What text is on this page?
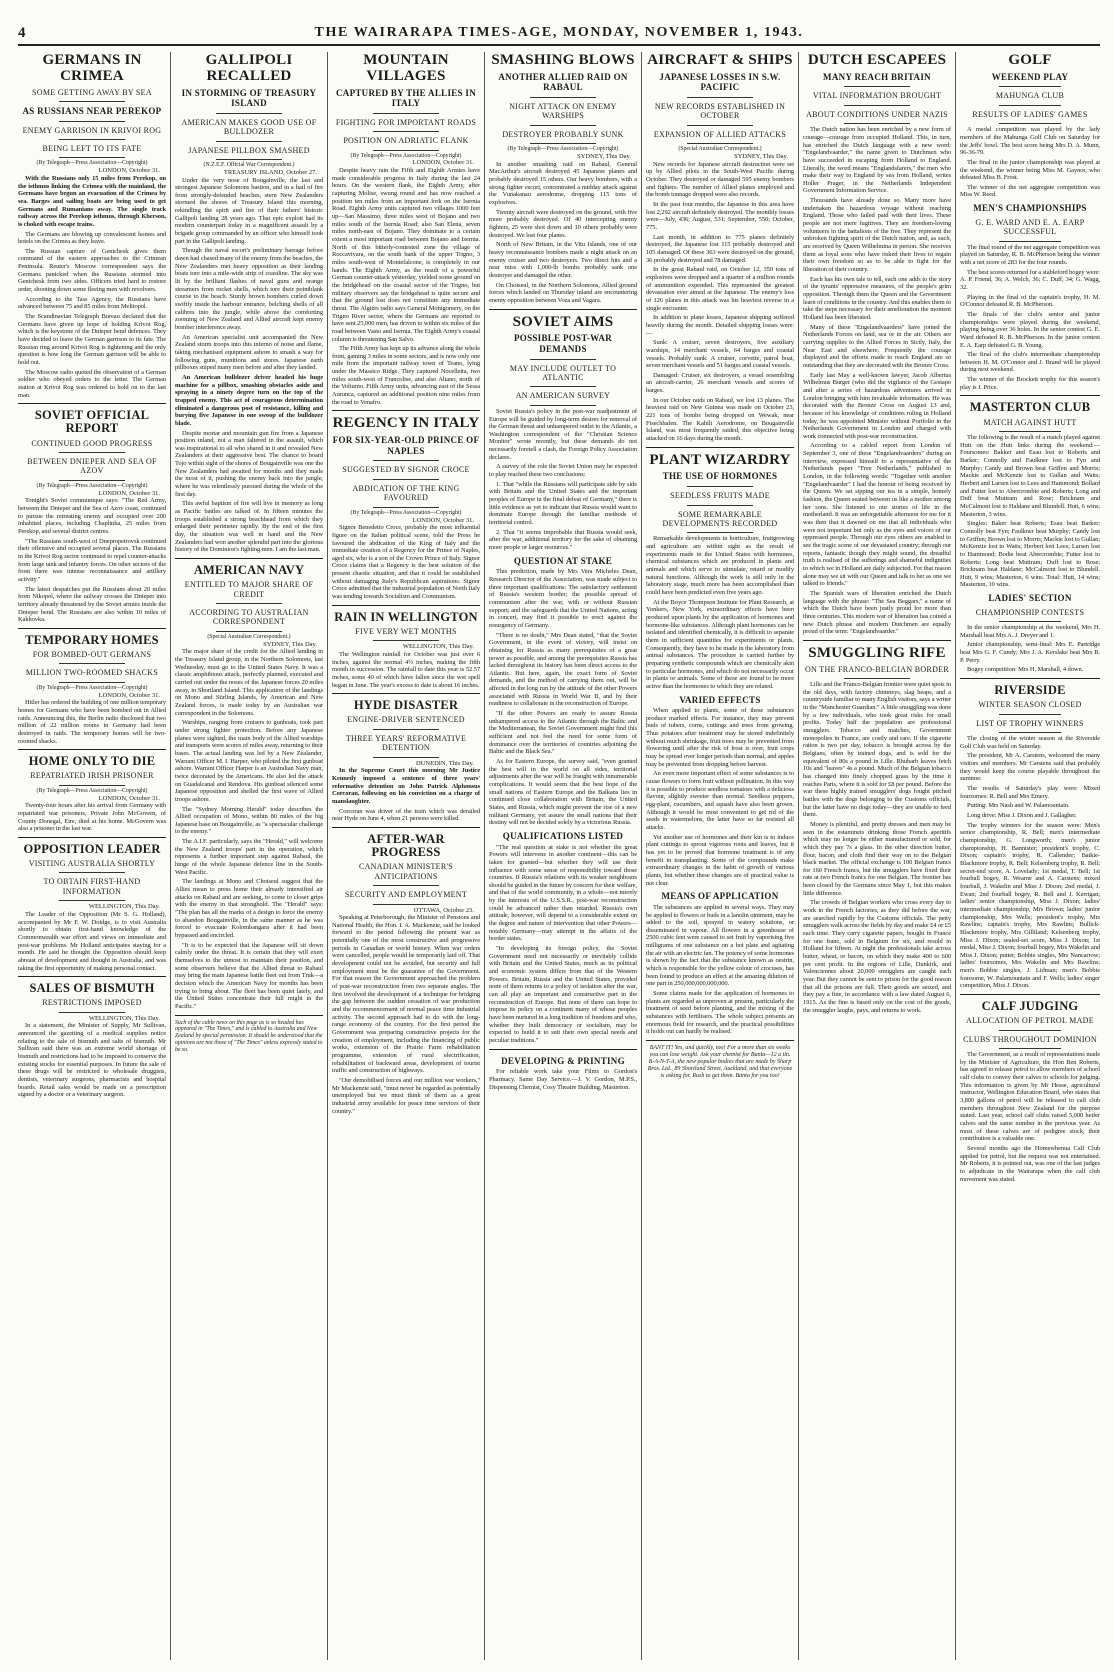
4	THE WAIRARAPA TIMES-AGE, MONDAY, NOVEMBER 1, 1943.
GERMANS IN CRIMEA
SOME GETTING AWAY BY SEA
AS RUSSIANS NEAR PEREKOP
ENEMY GARRISON IN KRIVOI ROG
BEING LEFT TO ITS FATE
(By Telegraph—Press Association—Copyright)
LONDON, October 31.

With the Russians only 15 miles from Perekop, on the isthmus linking the Crimea with the mainland, the Germans have begun an evacuation of the Crimea by sea. Barges and sailing boats are being used to get Germans and Rumanians away. The single track railway across the Perekop isthmus, through Kherson, is choked with escape trains.

The Germans are blowing up convalescent homes and hotels on the Crimea as they leave.

The Russian capture of Genichesk gives them command of the eastern approaches to the Crimean Peninsula. Reuter's Moscow correspondent says the Germans panicked when the Russians stormed into Genichesk from two sides. Officers tried hard to restore order, shooting down some fleeing men with revolvers.

According to the Tass Agency, the Russians have advanced between 75 and 85 miles from Melitopol.

The Scandinavian Telegraph Bureau declared that the Germans have given up hope of holding Krivoi Rog, which is the keystone of the Dnieper bend defences. They have decided to leave the German garrison to its fate. The Russian ring around Krivoi Rog is tightening and the only question is how long the German garrison will be able to hold out.

The Moscow radio quoted the observation of a German soldier who obeyed orders to the letter. The German station at Krivoi Rog was ordered to hold on to the last man.

SOVIET OFFICIAL REPORT
CONTINUED GOOD PROGRESS
BETWEEN DNIEPER AND SEA OF AZOV
(By Telegraph—Press Association—Copyright)
LONDON, October 31.

Tonight's Soviet communique says: "The Red Army, between the Dnieper and the Sea of Azov coast, continued to pursue the retreating enemy and occupied over 200 inhabited places, including Chaplinka, 25 miles from Perekop, and several district centres.

"The Russians south-west of Dnepropetrovsk continued their offensive and occupied several places. The Russians in the Krivoi Rog sector continued to repel counter-attacks from large tank and infantry forces. On other sectors of the front there was intense reconnaissance and artillery activity."

The latest despatches put the Russians about 20 miles from Nikopol, where the railway crosses the Dnieper into territory already threatened by the Soviet armies inside the Dnieper bend. The Russians are also within 10 miles of Kakhovka.

TEMPORARY HOMES
FOR BOMBED-OUT GERMANS
MILLION TWO-ROOMED SHACKS
(By Telegraph—Press Association—Copyright)
LONDON, October 31.

Hitler has ordered the building of one million temporary homes for Germans who have been bombed out in Allied raids. Announcing this, the Berlin radio disclosed that two million of 22 million rooms in Germany had been destroyed in raids. The temporary homes will be two-roomed shacks.

HOME ONLY TO DIE
REPATRIATED IRISH PRISONER
(By Telegraph—Press Association—Copyright)
LONDON, October 31.

Twenty-four hours after his arrival from Germany with repatriated war prisoners, Private John McGovern, of County Donegal, Eire, died at his home. McGovern was also a prisoner in the last war.

OPPOSITION LEADER
VISITING AUSTRALIA SHORTLY
TO OBTAIN FIRST-HAND INFORMATION
WELLINGTON, This Day.

The Leader of the Opposition (Mr S. G. Holland), accompanied by Mr F. W. Doidge, is to visit Australia shortly to obtain first-hand knowledge of the Commonwealth war effort and views on immediate and post-war problems. Mr Holland anticipates staying for a month. He said he thought the Opposition should keep abreast of development and thought in Australia, and was taking the first opportunity of making personal contact.

SALES OF BISMUTH
RESTRICTIONS IMPOSED
WELLINGTON, This Day.

In a statement, the Minister of Supply, Mr Sullivan, announced the gazetting of a medical supplies notice relating to the sale of bismuth and salts of bismuth. Mr Sullivan said there was an extreme world shortage of bismuth and restrictions had to be imposed to conserve the existing stocks for essential purposes. In future the sale of these drugs will be restricted to wholesale druggists, dentists, veterinary surgeons, pharmacists and hospital boards. Retail sales would be made on a prescription signed by a doctor or a veterinary surgeon.

GALLIPOLI RECALLED
IN STORMING OF TREASURY ISLAND
AMERICAN MAKES GOOD USE OF BULLDOZER
JAPANESE PILLBOX SMASHED
(N.Z.E.F. Official War Correspondent.)
TREASURY ISLAND, October 27.

Under the very nose of Bougainville, the last and strongest Japanese Solomons bastion, and in a hail of fire from strongly-defended beaches, stern New Zealanders stormed the shores of Treasury Island this morning, rekindling the spirit and fire of their fathers' historic Gallipoli landing 28 years ago. That epic exploit had its modern counterpart today in a magnificent assault by a brigade group commanded by an officer who himself took part in the Gallipoli landing.

Though the naval escort's preliminary barrage before dawn had chased many of the enemy from the beaches, the New Zealanders met heavy opposition as their landing boats tore into a mile-wide strip of coastline. The sky was lit by the brilliant flashes of naval guns and orange streamers from rocket shells, which tore their pointblank course to the beach. Sturdy brown bombers curled down swiftly inside the harbour entrance, belching shells of all calibres into the jungle, while above the comforting zooming of New Zealand and Allied aircraft kept enemy bomber interference away.

An American specialist unit accompanied the New Zealand storm troops into this inferno of noise and flame, taking mechanised equipment ashore to smash a way for following guns, munitions and stores. Japanese earth pillboxes sniped many men before and after they landed.

An American bulldozer driver headed his huge machine for a pillbox, smashing obstacles aside and spraying in a ninety degree turn on the top of the trapped enemy. This act of courageous determination eliminated a dangerous post of resistance, killing and burying five Japanese in one swoop of the bulldozer blade.

Despite mortar and mountain gun fire from a Japanese position inland, not a man faltered in the assault, which was inspirational to all who shared in it and revealed New Zealanders at their aggressive best. The chance to board Tojo within sight of the shores of Bougainville was one the New Zealanders had awaited for months and they made the most of it, pushing the enemy back into the jungle, where he was relentlessly pursued during the whole of the first day.

This awful baptism of fire will live in memory as long as Pacific battles are talked of. In fifteen minutes the troops established a strong beachhead from which they enlarged their perimeter rapidly. By the end of the first day, the situation was well in hand and the New Zealanders had won another splendid part into the glorious history of the Dominion's fighting men. I am the last man.

AMERICAN NAVY
ENTITLED TO MAJOR SHARE OF CREDIT
ACCORDING TO AUSTRALIAN CORRESPONDENT
(Special Australian Correspondent.)
SYDNEY, This Day.

The major share of the credit for the Allied landing in the Treasury Island group, in the Northern Solomons, last Wednesday, must go to the United States Navy. It was a classic amphibious attack, perfectly planned, executed and carried out under the noses of the Japanese forces 20 miles away, in Shortland Island. This application of the landings on Mono and Stirling Islands, by American and New Zealand forces, is made today by an Australian war correspondent in the Solomons.

Warships, ranging from cruisers to gunboats, took part under strong fighter protection. Before any Japanese planes were sighted, the main body of the Allied warships and transports were scores of miles away, returning to their bases. The actual landing was led by a New Zealander, Warrant Officer M. I. Harper, who piloted the first gunboat ashore. Warrant Officer Harper is an Australian Navy man, twice decorated by the Americans. He also led the attack on Guadalcanal and Rendova. His gunboat silenced some Japanese opposition and shelled the first wave of Allied troops ashore.

The "Sydney Morning Herald" today describes the Allied occupation of Mono, within 80 miles of the big Japanese base on Bougainville, as "a spectacular challenge to the enemy."

The A.I.F. particularly, says the "Herald," will welcome the New Zealand troops' part in the operation, which represents a further important step against Rabaul, the hinge of the whole Japanese defence line in the South-West Pacific.

The landings at Mono and Choiseul suggest that the Allies mean to press home their already intensified air attacks on Rabaul and are seeking, to come to closer grips with the enemy in that stronghold. The "Herald" says: "The plan has all the marks of a design to force the enemy to abandon Bougainville, in the same manner as he was forced to evacuate Kolombangara after it had been bypassed and encircled.

"It is to be expected that the Japanese will sit down calmly under the threat. It is certain that they will exert themselves to the utmost to maintain their position, and some observers believe that the Allied threat to Rabaul may bring the main Japanese battle fleet out from Truk—a decision which the American Navy for months has been trying to bring about. The fleet has been quiet lately, and the United States concentrate their full might in the Pacific."

Such of the cable news on this page as is so headed has appeared in "The Times," and is cabled to Australia and New Zealand by special permission. It should be understood that the opinions are not those of "The Times" unless expressly stated to be so.

MOUNTAIN VILLAGES
CAPTURED BY THE ALLIES IN ITALY
FIGHTING FOR IMPORTANT ROADS
POSITION ON ADRIATIC FLANK
(By Telegraph—Press Association—Copyright)
LONDON, October 31.

Despite heavy rain the Fifth and Eighth Armies have made considerable progress in Italy during the last 24 hours. On the western flank, the Eighth Army, after capturing Molise, swung round and has now reached a position ten miles from an important fork on the Isernia Road. Eighth Army units captured two villages 1000 feet up—San Massimo, three miles west of Bojano and two miles south of the Isernia Road; also San Elena, seven miles north-east of Bojano. They dominate to a certain extent a most important road between Bojano and Isernia. North of this bitterly-contested zone the village of Roccavivara, on the south bank of the upper Trigno, 3 miles south-west of Montefalcone, is completely in our hands. The Eighth Army, as the result of a powerful German counter-attack yesterday, yielded some ground on the bridgehead on the coastal sector of the Trigno, but military observers say the bridgehead is quite secure and that the ground lost does not constitute any immediate threat. The Algiers radio says General Montgomery, on the Trigno River sector, where the Germans are reported to have sent 25,000 men, has driven to within six miles of the road between Vasto and Isernia. The Eighth Army's coastal column is threatening San Salvo.

The Fifth Army has kept up its advance along the whole front, gaining 3 miles in some sectors, and is now only one mile from the important railway town of Teano, lying under the Massico Ridge. They captured Nocelletta, two miles south-west of Francolise, and also Aliano, north of the Volturno. Fifth Army units, advancing east of the Sessa Aurunca, captured an additional position nine miles from the road to Venafro.

REGENCY IN ITALY
FOR SIX-YEAR-OLD PRINCE OF NAPLES
SUGGESTED BY SIGNOR CROCE
ABDICATION OF THE KING FAVOURED
(By Telegraph—Press Association—Copyright)
LONDON, October 31.

Signor Benedetto Croce, probably the most influential figure on the Italian political scene, told the Press he favoured the abdication of the King of Italy and the immediate creation of a Regency for the Prince of Naples, aged six, who is a son of the Crown Prince of Italy. Signor Croce claims that a Regency is the best solution of the present chaotic situation, and that it could be established without damaging Italy's Republican aspirations. Signor Croce admitted that the industrial population of North Italy was tending towards Socialism and Communism.

RAIN IN WELLINGTON
FIVE VERY WET MONTHS
WELLINGTON, This Day.

The Wellington rainfall for October was just over 6 inches, against the normal 4½ inches, making the fifth month in succession. The rainfall to date this year is 52.57 inches, some 40 of which have fallen since the wet spell began in June. The year's excess to date is about 16 inches.

HYDE DISASTER
ENGINE-DRIVER SENTENCED
THREE YEARS' REFORMATIVE DETENTION
DUNEDIN, This Day.

In the Supreme Court this morning Mr Justice Kennedy imposed a sentence of three years' reformative detention on John Patrick Alphonsus Corcoran, following on his conviction on a charge of manslaughter.

Corcoran was driver of the train which was derailed near Hyde on June 4, when 21 persons were killed.

AFTER-WAR PROGRESS
CANADIAN MINISTER'S ANTICIPATIONS
SECURITY AND EMPLOYMENT
OTTAWA, October 23.

Speaking at Peterborough, the Minister of Pensions and National Health, the Hon. I. A. Mackenzie, said he looked forward to the period following the present war as potentially one of the most constructive and progressive periods in Canadian or world history. When war orders were cancelled, people would be temporarily laid off. That development could not be avoided, but security and full employment must be the guarantee of the Government. For that reason the Government approached the problem of post-war reconstruction from two separate angles. The first involved the development of a technique for bridging the gap between the sudden cessation of war production and the recommencement of normal peace time industrial activity. The second approach had to do with the long-range economy of the country. For the first period the Government was preparing constructive projects for the creation of employment, including the financing of public works, extension of the Prairie Farm rehabilitation programme, extension of rural electrification, rehabilitation of backward areas, development of tourist traffic and construction of highways.

"Our demobilised forces and our million war workers," Mr Mackenzie said, "must never be regarded as potentially unemployed but we must think of them as a great industrial army available for peace time services of their country."

SMASHING BLOWS
ANOTHER ALLIED RAID ON RABAUL
NIGHT ATTACK ON ENEMY WARSHIPS
DESTROYER PROBABLY SUNK
(By Telegraph—Press Association—Copyright)
SYDNEY, This Day.

In another smashing raid on Rabaul, General MacArthur's aircraft destroyed 45 Japanese planes and probably destroyed 15 others. Our heavy bombers, with a strong fighter escort, concentrated a midday attack against the Vunakanau aerodrome, dropping 115 tons of explosives.

Twenty aircraft were destroyed on the ground, with five more probably destroyed. Of 40 intercepting enemy fighters, 25 were shot down and 10 others probably were destroyed. We lost four planes.

North of New Britain, in the Vitu Islands, one of our heavy reconnaissance bombers made a night attack on an enemy cruiser and two destroyers. Two direct hits and a near miss with 1,000-lb bombs probably sank one destroyer and damaged the other.

On Choiseul, in the Northern Solomons, Allied ground forces which landed on Thursday inland are encountering enemy opposition between Voza and Vagara.

SOVIET AIMS
POSSIBLE POST-WAR DEMANDS
MAY INCLUDE OUTLET TO ATLANTIC
AN AMERICAN SURVEY

Soviet Russia's policy in the post-war readjustment of Europe will be guided by long-term desires for removal of the German threat and unhampered outlet to the Atlantic, a Washington correspondent of the "Christian Science Monitor" wrote recently, but these demands do not necessarily foretell a clash, the Foreign Policy Association declares.

A survey of the role the Soviet Union may be expected to play reached these two conclusions:

1. That "while the Russians will participate side by side with Britain and the United States and the important peoples of Europe in the final defeat of Germany," there is little evidence as yet to indicate that Russia would want to dominate Europe through the familiar methods of territorial control.

2. That "it seems improbable that Russia would seek, after the war, additional territory for the sake of obtaining more people or larger resources."

QUESTION AT STAKE

This prediction, made by Mrs Vera Micheles Dean, Research Director of the Association, was made subject to three important qualifications: The satisfactory settlement of Russia's western border; the possible spread of communism after the war, with or without Russian support; and the safeguards that the United Nations, acting in concert, may find it possible to erect against the resurgency of Germany.

"There is no doubt," Mrs Dean stated, "that the Soviet Government, in the event of victory, will insist on obtaining for Russia as many prerequisites of a great power as possible, and among the prerequisites Russia has lacked throughout its history has been direct access to the Atlantic. But here, again, the exact form of Soviet demands, and the method of carrying them out, will be affected in the long run by the attitude of the other Powers associated with Russia in World War II, and by their readiness to collaborate in the reconstruction of Europe.

"If the other Powers are ready to assure Russia unhampered access to the Atlantic through the Baltic and the Mediterranean, the Soviet Government might find this sufficient and not feel the need for some form of dominance over the territories of countries adjoining the Baltic and the Black Sea."

As for Eastern Europe, the survey said, "even granted the best will in the world on all sides, territorial adjustments after the war will be fraught with innumerable complications. It would seem that the best hope of the small nations of Eastern Europe and the Balkans lies in continued close collaboration with Britain, the United States, and Russia, which might prevent the rise of a new militant Germany, yet assure the small nations that their destiny will not be decided solely by a victorious Russia.

QUALIFICATIONS LISTED

"The real question at stake is not whether the great Powers will intervene in another continent—this can be taken for granted—but whether they will use their influence with some sense of responsibility toward those countries. If Russia's relations with its weaker neighbours should be guided in the future by concern for their welfare, and that of the world community, in a whole—not merely by the interests of the U.S.S.R., post-war reconstruction could be advanced rather than retarded. Russia's own attitude, however, will depend to a considerable extent on the degree and nature of intervention that other Powers—notably Germany—may attempt in the affairs of the border states.

"In developing its foreign policy, the Soviet Government need not necessarily or inevitably collide with Britain and the United States, much as its political and economic system differs from that of the Western Powers. Britain, Russia and the United States, provided none of them returns to a policy of isolation after the war, can all play an important and constructive part in the reconstruction of Europe. But none of them can hope to impose its policy on a continent many of whose peoples have been nurtured in a long tradition of freedom and who, whether they built democracy or socialism, may be expected to build it to suit their own special needs and peculiar traditions."

DEVELOPING & PRINTING

For reliable work take your Films to Gordon's Pharmacy. Same Day Service.—J. V. Gordon, M.P.S., Dispensing Chemist, Cosy Theatre Building, Masterton.

AIRCRAFT & SHIPS
JAPANESE LOSSES IN S.W. PACIFIC
NEW RECORDS ESTABLISHED IN OCTOBER
EXPANSION OF ALLIED ATTACKS
(Special Australian Correspondent.)
SYDNEY, This Day.

New records for Japanese aircraft destruction were set up by Allied pilots in the South-West Pacific during October. They destroyed or damaged 595 enemy bombers and fighters. The number of Allied planes employed and the bomb tonnage dropped were also records.

In the past four months, the Japanese in this area have lost 2,292 aircraft definitely destroyed. The monthly losses were—July, 436; August, 531; September, 550; October, 775.

Last month, in addition to 775 planes definitely destroyed, the Japanese lost 115 probably destroyed and 105 damaged. Of these 363 were destroyed on the ground, 36 probably destroyed and 78 damaged.

In the great Rabaul raid, on October 12, 350 tons of explosives were dropped and a quarter of a million rounds of ammunition expended. This represented the greatest devastation ever aimed at the Japanese. The enemy's loss of 126 planes in this attack was his heaviest reverse in a single encounter.

In addition to plane losses, Japanese shipping suffered heavily during the month. Detailed shipping losses were:—

Sunk: A cruiser, seven destroyers, five auxiliary warships, 14 merchant vessels, 64 barges and coastal vessels. Probably sunk: A cruiser, corvette, patrol boat, seven merchant vessels and 51 barges and coastal vessels.

Damaged: Cruiser, six destroyers, a vessel resembling an aircraft-carrier, 26 merchant vessels and scores of barges.

In our October raids on Rabaul, we lost 13 planes. The heaviest raid on New Guinea was made on October 23, 221 tons of bombs being dropped on Wewak, near Fisechhafen. The Kahili Aerodrome, on Bougainville Island, was most frequently raided, this objective being attacked on 16 days during the month.

PLANT WIZARDRY
THE USE OF HORMONES
SEEDLESS FRUITS MADE
SOME REMARKABLE DEVELOPMENTS RECORDED

Remarkable developments in horticulture, fruitgrowing and agriculture are within sight as the result of experiments made in the United States with hormones, chemical substances which are produced in plants and animals and which serve to stimulate, retard or modify natural functions. Although the work is still only in the laboratory stage, much more has been accomplished than could have been predicted even five years ago.

At the Boyce Thompson Institute for Plant Research, at Yonkers, New York, extraordinary effects have been produced upon plants by the application of hormones and hormone-like substances. Although plant hormones can be isolated and identified chemically, it is difficult to separate them in sufficient quantities for experiments or plants. Consequently, they have to be made in the laboratory from animal substances. The procedure is carried further by preparing synthetic compounds which are chemically akin to particular hormones, and which do not necessarily occur in plants or animals. Some of these are found to be more active than the hormones to which they are related.

VARIED EFFECTS

When applied to plants, some of these substances produce marked effects. For instance, they may prevent buds of tubers, corns, cuttings and trees from growing. Thus potatoes after treatment may be stored indefinitely without much shrinkage, fruit trees may be prevented from flowering until after the risk of frost is over, fruit crops may be spread over longer periods than normal, and apples may be prevented from dropping before harvest.

An even more important effect of some substances is to cause flowers to form fruit without pollination. In this way it is possible to produce seedless tomatoes with a delicious flavour, slightly sweeter than normal. Seedless peppers, egg-plant, cucumbers, and squash have also been grown. Although it would be most convenient to get rid of the seeds in watermelons, the latter have so far resisted all attacks.

Yet another use of hormones and their kin is to induce plant cuttings to sprout vigorous roots and leaves, but it has yet to be proved that hormone treatment is of any benefit in transplanting. Some of the compounds make extraordinary changes in the habit of growth of various plants, but whether these changes are of practical value is not clear.

MEANS OF APPLICATION

The substances are applied in several ways. They may be applied to flowers or buds in a lanolin ointment, may be added to the soil, sprayed in watery solutions, or disseminated in vapour. All flowers in a greenhouse of 2500 cubic feet were caused to set fruit by vaporising five milligrams of one substance on a hot plate and agitating the air with an electric fan. The potency of some hormones is shown by the fact that the substance known as oestrin, which is responsible for the yellow colour of crocuses, has been found to produce an effect at the amazing dilution of one part in 250,000,000,000,000.

Some claims made for the application of hormones to plants are regarded as unproven at present, particularly the treatment of seed before planting, and the mixing of the substances with fertilisers. The whole subject presents an enormous field for research, and the practical possibilities it holds out can hardly be realised.

BANT IT! Yes, and quickly, too! For a more than six weeks you can lose weight. Ask your chemist for Banta—12 a tin. B-A-N-T-A, the new popular bodies that are made by Sharp Bros. Ltd., 89 Shortland Street, Auckland, and that everyone is asking for. Rush to get them. Banta for you too!

DUTCH ESCAPEES
MANY REACH BRITAIN
VITAL INFORMATION BROUGHT
ABOUT CONDITIONS UNDER NAZIS

The Dutch nation has been enriched by a new form of courage—courage from occupied Holland. This, in turn, has enriched the Dutch language with a new word: "Engelandvaarder," the name given to Dutchmen who have succeeded in escaping from Holland to England. Literally, the word means "Englandsfarers," the men who make their way to England by sea from Holland, writes Holler Prager, in the Netherlands Independent Government Information Service.

Thousands have already done so. Many more have undertaken the hazardous voyage without reaching England. Those who failed paid with their lives. These people are not mere fugitives. They are freedom-loving volunteers in the battalions of the free. They represent the unbroken fighting spirit of the Dutch nation, and, as such, are received by Queen Wilhelmina in person. She receives them as loyal sons who have risked their lives to regain their own freedom so as to be able to fight for the liberation of their country.

Each has his own tale to tell, each one adds to the story of the tyrants' oppressive measures, of the people's grim opposition. Through them the Queen and the Government learn of conditions in the country. And this enables them to take the steps necessary for their amelioration the moment Holland has been liberated.

Many of these "Engelandvaarders" have joined the Netherlands Forces on land, sea or in the air. Others are carrying supplies to the Allied Forces in Sicily, Italy, the Near East and elsewhere. Frequently the courage displayed and the efforts made to reach England are so outstanding that they are decorated with the Bronze Cross.

Early last May a well-known lawyer, Jacob Albertus Wilhelmus Burger (who did the vigilance of the Gestapo and after a series of hazardous adventures arrived in London bringing with him invaluable information. He was decorated with the Bronze Cross on August 13 and, because of his knowledge of conditions ruling in Holland today, he was appointed Minister without Portfolio in the Netherlands Government in London and charged with work connected with post-war reconstruction.

According to a cabled report from London of September 3, one of these "Engelandvaarders" during an interview, expressed himself to a representative of the Netherlands paper "Free Netherlands," published in London, in the following words: "Together with another "Engelandvaarder" I had the honour of being received by the Queen. We sat sipping our tea in a simple, homely fashion, the Queen seated between us like a mother among her sons. She listened to our stories of life in the motherland. It was an unforgettable afternoon for me for it was then that it dawned on me that all individuals who were not important but only as the eyes and voices of our oppressed people. Through our eyes others are enabled to see the tragic scene of our devastated country; through our reports, fantastic though they might sound, the dreadful truth is realised of the sufferings and shameful indignities to which we in Holland are daily subjected. For that reason alone may we sit with our Queen and talk to her as one we talked to friends."

The Spanish wars of liberation enriched the Dutch language with the phrase: "The Sea Beggars," a name of which the Dutch have been justly proud for more than three centuries. This modern war of liberation has coined a new Dutch phrase and modern Dutchmen are equally proud of the term: "Engelandvaarder."

SMUGGLING RIFE
ON THE FRANCO-BELGIAN BORDER

Lille and the Franco-Belgian frontier were quiet spots in the old days, with factory chimneys, slag heaps, and a countryside familiar to many English visitors, says a writer in the "Manchester Guardian." A little smuggling was done by a few individuals, who took great risks for small profits. Today half the population are professional smugglers. Tobacco and matches, Government monopolies in France, are costly and rare. If the cigarette ration is two per day, tobacco is brought across by the Belgians, often by trained dogs, and is sold for the equivalent of 80s a pound in Lille. Rhubarb leaves fetch 10s and "leaves" 4s a pound. Much of the Belgian tobacco has changed into finely chopped grass by the time it reaches Paris, where it is sold for £8 per pound. Before the war these highly trained smugglers' dogs fought pitched battles with the dogs belonging to the Customs officials, but the latter have no dogs today—they are unable to feed them.

Money is plentiful, and pretty dresses and men may be seen in the estaminets drinking those French aperitifs which may no longer be either manufactured or sold, for which they pay 7s a glass. In the other direction butter, flour, bacon, and cloth find their way on to the Belgian black market. The official exchange is 100 Belgian francs for 160 French francs, but the smugglers have fixed their rate at two French francs for one Belgian. The frontier has been closed by the Germans since May 1, but this makes little difference.

The crowds of Belgian workers who cross every day to work in the French factories, as they did before the war, are searched rapidly by the Customs officials. The petty smugglers walk across the fields by day and make £4 or £5 each time. They carry cigarette papers, bought in France for one franc, sold in Belgium for six, and resold in Holland for fifteen. At night the professionals take across butter, wheat, or bacon, on which they make 400 to 600 per cent profit. In the regions of Lille, Dunkirk, and Valenciennes about 20,000 smugglers are caught each year. But they cannot be sent to prison for the good reason that all the prisons are full. Their goods are seized, and they pay a fine, in accordance with a law dated August 6, 1915. As the fine is based only on the cost of the goods, the smuggler laughs, pays, and returns to work.

GOLF
WEEKEND PLAY
MAHUNGA CLUB
RESULTS OF LADIES' GAMES

A medal competition was played by the lady members of the Mahunga Golf Club on Saturday for the Jeffs' bowl. The best score being Mrs D. A. Munn, 96-36-79.

The final in the junior championship was played at the weekend, the winner being Miss M. Gaynor, who defeated Miss B. Frost.

The winner of the net aggregate competition was Miss W. Reed.

MEN'S CHAMPIONSHIPS
G. E. WARD AND E. A. EARP SUCCESSFUL

The final round of the net aggregate competition was played on Saturday, R. B. McPherson being the winner with a net score of 283 for the four rounds.

The best scores returned for a stableford bogey were: A. P. Friend, 36; A. Welch, 36; C. Duff, 34; G. Wagg, 32.

Playing in the final of the captain's trophy, H. M. O'Connor defeated R. B. McPherson.

The finals of the club's senior and junior championships were played during the weekend, playing being over 36 holes. In the senior contest G. E. Ward defeated R. B. McPherson. In the junior contest E. A. Earp defeated G. B. Young.

The final of the club's intermediate championship between H. M. O'Connor and J. Brand will be played during next weekend.

The winner of the Brockett trophy for this season's play is J. Price.

MASTERTON CLUB
MATCH AGAINST HUTT

The following is the result of a match played against Hutt on the Hutt links during the weekend:—Foursomes: Bakker and Esau lost to Roberts and Barker; Connolly and Faulkner lost to Fyn and Murphy; Candy and Brown beat Griffen and Morris; Mackie and McKenzie lost to Gullan and Watts; Herbert and Larsen lost to Lees and Hammond; Bollard and Futter lost to Abercrombie and Roberts; Long and Duff beat Muttram and Rose; Bricknam and McCalmont lost to Haldane and Blundell. Hutt, 6 wins; Masterton, 3 wins.

Singles: Baker beat Roberts; Esau beat Barker; Connolly beat Fyn; Faulkner beat Murphy; Candy lost to Griffen; Brown lost to Morris; Mackie lost to Gullan; McKenzie lost to Watts; Herbert lost Lees; Larsen lost to Hammond; Bodie beat Abercrombie; Futter lost to Roberts; Long beat Muttram; Duff lost to Rose; Bricknam beat Haldane; McCalmont lost to Blundell. Hutt, 9 wins; Masterton, 6 wins. Total: Hutt, 14 wins; Masterton, 10 wins.

LADIES' SECTION
CHAMPIONSHIP CONTESTS

In the senior championship at the weekend, Mrs H. Marshall beat Mrs A. J. Dreyer and 1.

Junior championship, semi-final: Mrs E. Partridge beat Mrs G. F. Cundy; Mrs J. A. Kerslake beat Mrs B. P. Perry.

Bogey competition: Mrs H. Marshall, 4 down.

RIVERSIDE
WINTER SEASON CLOSED
LIST OF TROPHY WINNERS

The closing of the winter season at the Riverside Golf Club was held on Saturday.

The president, Mr A. Carstens, welcomed the many visitors and members. Mr Carstens said that probably they would keep the course playable throughout the summer.

The results of Saturday's play were: Mixed foursomes: R. Bell and Mrs Emery.

Putting: Mrs Nash and W. Palamountain.

Long drive: Miss J. Dixon and J. Gallagher.

The trophy winners for the season were: Men's senior championship, R. Bell; men's intermediate championship, G. Longworth; men's junior championship, H. Bannister; president's trophy, C. Dixon; captain's trophy, R. Callender; Batkie-Blackmore trophy, R. Bell; Kelsenberg trophy, R. Bell; secret-end score, A. Lovelady; 1st medal, T. Bell; 1st fourball bogey, R. Wearne and A. Carstens; mixed fourball, J. Wakelin and Miss J. Dixon; 2nd medal, J. Ewan; 2nd fourball bogey, R. Bell and J. Kerrigan; ladies' senior championship, Miss J. Dixon; ladies' intermediate championship, Mrs Brown; ladies' junior championship, Mrs Wells; president's trophy, Mrs Rawlins; captain's trophy, Mrs Rawlins; Bullick-Blackmore trophy, Mrs Gilliland; Kelsenberg trophy, Miss J. Dixon; sealed-set score, Miss J. Dixon; 1st medal, Miss J. Dixon; fourball bogey, Mrs Wakelin and Miss J. Dixon; putter, Bobbie singles, Mrs Nancarrow; ladies' foursomes, Mrs Wakelin and Mrs Rawlins; men's Bobbie singles, J. Lidman; men's Bobbie foursome, W. Palamountain and F. Wells; ladies' singer competition, Miss J. Dixon.

CALF JUDGING
ALLOCATION OF PETROL MADE
CLUBS THROUGHOUT DOMINION

The Government, as a result of representations made by the Minister of Agriculture, the Hon Ben Roberts, has agreed to release petrol to allow members of school calf clubs to convey their calves to schools for judging. This information is given by Mr Hesse, agricultural instructor, Wellington Education Board, who states that 3,800 gallons of petrol will be released to calf club members throughout New Zealand for the purpose stated. Last year, school calf clubs raised 5,000 heifer calves and the same number in the previous year. As most of these calves are of pedigree stock, their contribution is a valuable one.

Several months ago the Homewhenua Calf Club applied for petrol, but the request was not entertained. Mr Roberts, it is pointed out, was one of the last judges to adjudicate in the Wairarapa when the calf club movement was stated.
